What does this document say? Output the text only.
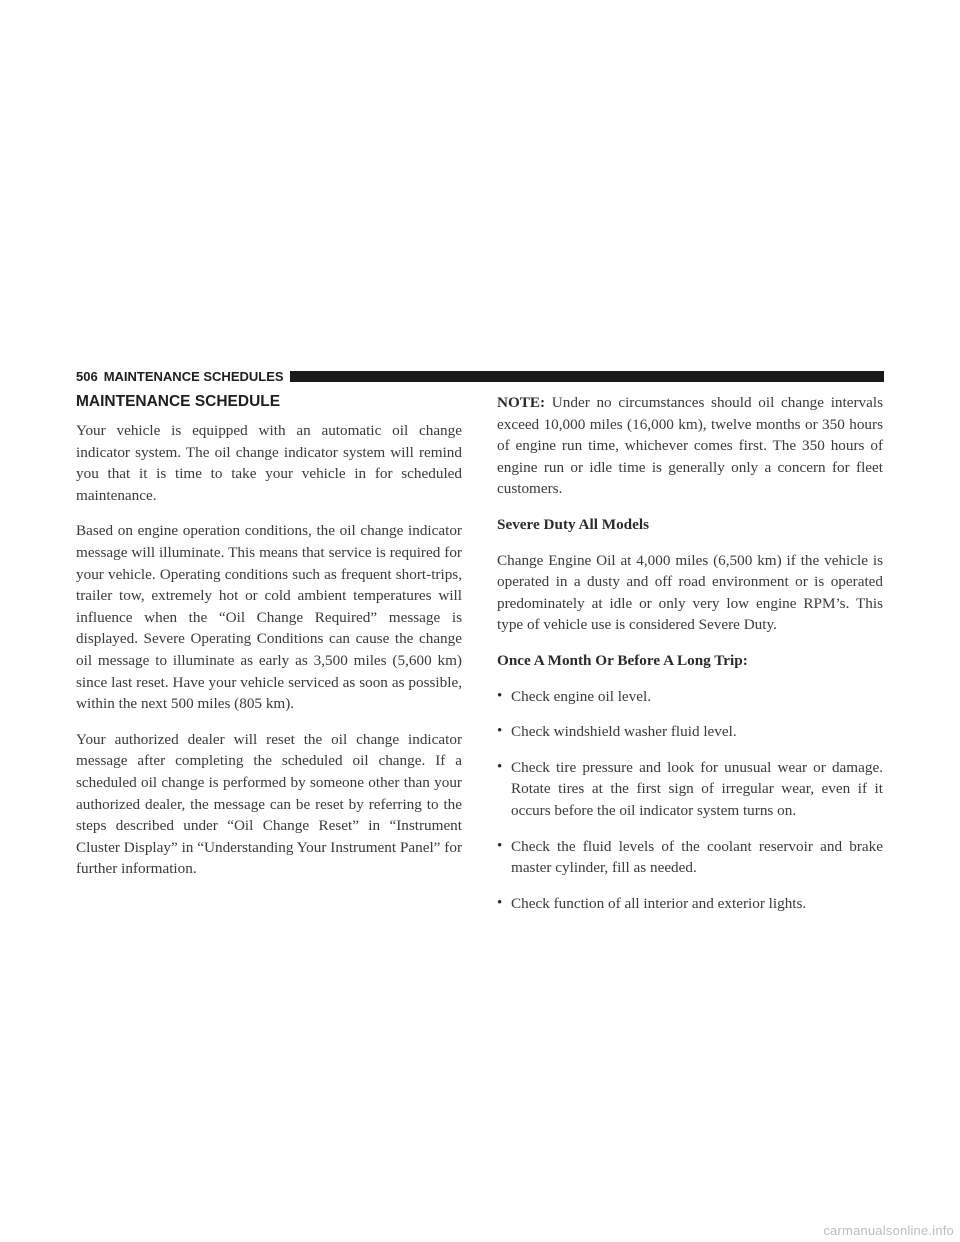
506 MAINTENANCE SCHEDULES
MAINTENANCE SCHEDULE

Your vehicle is equipped with an automatic oil change indicator system. The oil change indicator system will remind you that it is time to take your vehicle in for scheduled maintenance.

Based on engine operation conditions, the oil change indicator message will illuminate. This means that service is required for your vehicle. Operating conditions such as frequent short-trips, trailer tow, extremely hot or cold ambient temperatures will influence when the “Oil Change Required” message is displayed. Severe Operating Conditions can cause the change oil message to illuminate as early as 3,500 miles (5,600 km) since last reset. Have your vehicle serviced as soon as possible, within the next 500 miles (805 km).

Your authorized dealer will reset the oil change indicator message after completing the scheduled oil change. If a scheduled oil change is performed by someone other than your authorized dealer, the message can be reset by referring to the steps described under “Oil Change Reset” in “Instrument Cluster Display” in “Understanding Your Instrument Panel” for further information.

NOTE: Under no circumstances should oil change intervals exceed 10,000 miles (16,000 km), twelve months or 350 hours of engine run time, whichever comes first. The 350 hours of engine run or idle time is generally only a concern for fleet customers.

Severe Duty All Models

Change Engine Oil at 4,000 miles (6,500 km) if the vehicle is operated in a dusty and off road environment or is operated predominately at idle or only very low engine RPM’s. This type of vehicle use is considered Severe Duty.

Once A Month Or Before A Long Trip:
• Check engine oil level.
• Check windshield washer fluid level.
• Check tire pressure and look for unusual wear or damage. Rotate tires at the first sign of irregular wear, even if it occurs before the oil indicator system turns on.
• Check the fluid levels of the coolant reservoir and brake master cylinder, fill as needed.
• Check function of all interior and exterior lights.
carmanualsonline.info
